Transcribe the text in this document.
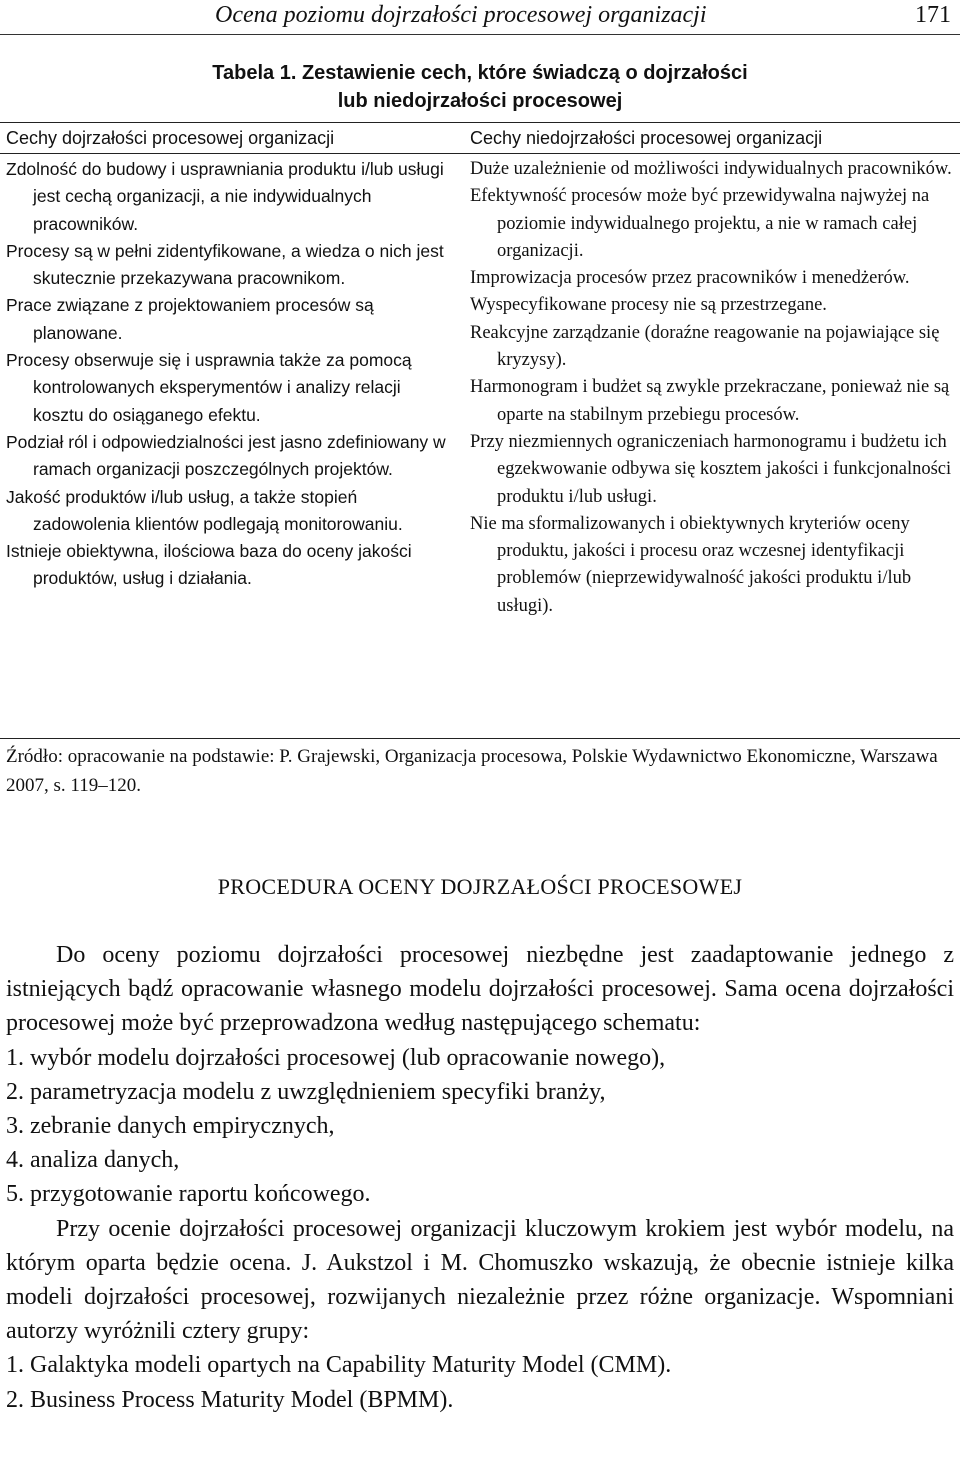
Ocena poziomu dojrzałości procesowej organizacji	171
Tabela 1. Zestawienie cech, które świadczą o dojrzałości
lub niedojrzałości procesowej
Cechy dojrzałości procesowej organizacji	Cechy niedojrzałości procesowej organizacji

Zdolność do budowy i usprawniania produktu i/lub usługi jest cechą organizacji, a nie indywidualnych pracowników.

Procesy są w pełni zidentyfikowane, a wiedza o nich jest skutecznie przekazywana pracownikom.

Prace związane z projektowaniem procesów są planowane.

Procesy obserwuje się i usprawnia także za pomocą kontrolowanych eksperymentów i analizy relacji kosztu do osiąganego efektu.

Podział ról i odpowiedzialności jest jasno zdefiniowany w ramach organizacji poszczególnych projektów.

Jakość produktów i/lub usług, a także stopień zadowolenia klientów podlegają monitorowaniu.

Istnieje obiektywna, ilościowa baza do oceny jakości produktów, usług i działania.

Duże uzależnienie od możliwości indywidualnych pracowników.

Efektywność procesów może być przewidywalna najwyżej na poziomie indywidualnego projektu, a nie w ramach całej organizacji.

Improwizacja procesów przez pracowników i menedżerów.

Wyspecyfikowane procesy nie są przestrzegane.

Reakcyjne zarządzanie (doraźne reagowanie na pojawiające się kryzysy).

Harmonogram i budżet są zwykle przekraczane, ponieważ nie są oparte na stabilnym przebiegu procesów.

Przy niezmiennych ograniczeniach harmonogramu i budżetu ich egzekwowanie odbywa się kosztem jakości i funkcjonalności produktu i/lub usługi.

Nie ma sformalizowanych i obiektywnych kryteriów oceny produktu, jakości i procesu oraz wczesnej identyfikacji problemów (nieprzewidywalność jakości produktu i/lub usługi).

Źródło: opracowanie na podstawie: P. Grajewski, Organizacja procesowa, Polskie Wydawnictwo Ekonomiczne, Warszawa 2007, s. 119–120.
PROCEDURA OCENY DOJRZAŁOŚCI PROCESOWEJ

Do oceny poziomu dojrzałości procesowej niezbędne jest zaadaptowanie jednego z istniejących bądź opracowanie własnego modelu dojrzałości procesowej. Sama ocena dojrzałości procesowej może być przeprowadzona według następującego schematu:

1. wybór modelu dojrzałości procesowej (lub opracowanie nowego),

2. parametryzacja modelu z uwzględnieniem specyfiki branży,

3. zebranie danych empirycznych,

4. analiza danych,

5. przygotowanie raportu końcowego.

Przy ocenie dojrzałości procesowej organizacji kluczowym krokiem jest wybór modelu, na którym oparta będzie ocena. J. Aukstzol i M. Chomuszko wskazują, że obecnie istnieje kilka modeli dojrzałości procesowej, rozwijanych niezależnie przez różne organizacje. Wspomniani autorzy wyróżnili cztery grupy:

1. Galaktyka modeli opartych na Capability Maturity Model (CMM).

2. Business Process Maturity Model (BPMM).
